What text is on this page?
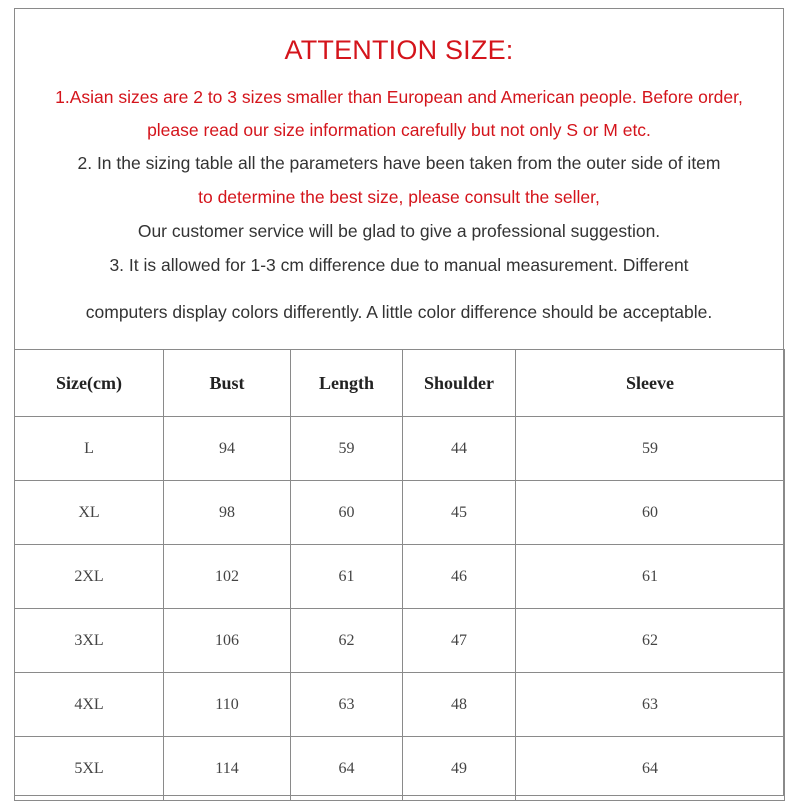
ATTENTION SIZE:
1.Asian sizes are 2 to 3 sizes smaller than European and American people. Before order,
please read our size information carefully but not only S or M etc.
2. In the sizing table all the parameters have been taken from the outer side of item
to determine the best size, please consult the seller,
Our customer service will be glad to give a professional suggestion.
3. It is allowed for 1-3 cm difference due to manual measurement. Different
computers display colors differently. A little color difference should be acceptable.
Size(cm)	Bust	Length	Shoulder	Sleeve
L	94	59	44	59
XL	98	60	45	60
2XL	102	61	46	61
3XL	106	62	47	62
4XL	110	63	48	63
5XL	114	64	49	64
